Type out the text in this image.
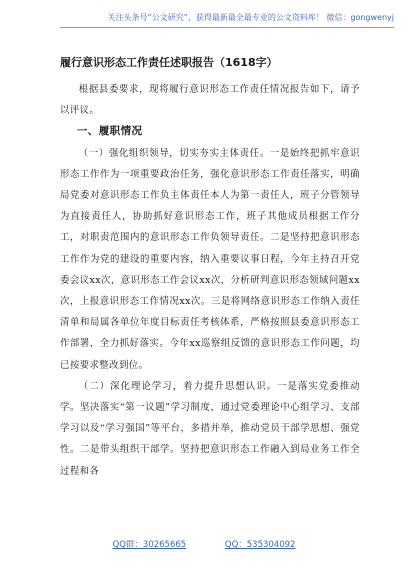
关注头条号“公文研究”，获得最新最全最专业的公文资料库！ 微信：gongwenyj
履行意识形态工作责任述职报告（1618字）

根据县委要求，现将履行意识形态工作责任情况报告如下，请予以评议。

一、履职情况

（一）强化组织领导，切实夯实主体责任。一是始终把抓牢意识形态工作作为一项重要政治任务，强化意识形态工作责任落实，明确局党委对意识形态工作负主体责任本人为第一责任人，班子分管领导为直接责任人，协助抓好意识形态工作，班子其他成员根据工作分工，对职责范围内的意识形态工作负领导责任。二是坚持把意识形态工作作为党的建设的重要内容，纳入重要议事日程，今年主持召开党委会议xx次，意识形态工作会议xx次，分析研判意识形态领域问题xx次，上报意识形态工作情况xx次。三是将网络意识形态工作纳入责任清单和局属各单位年度目标责任考核体系，严格按照县委意识形态工作部署，全力抓好落实。今年xx巡察组反馈的意识形态工作问题，均已按要求整改到位。

（二）深化理论学习，着力提升思想认识。一是落实党委推动学。坚决落实“第一议题”学习制度，通过党委理论中心组学习、支部学习以及“学习强国”等平台，多措并举，推动党员干部学思想、强党性。二是带头组织干部学。坚持把意识形态工作融入到局业务工作全过程和各

QQ群：30265665	QQ：535304092
